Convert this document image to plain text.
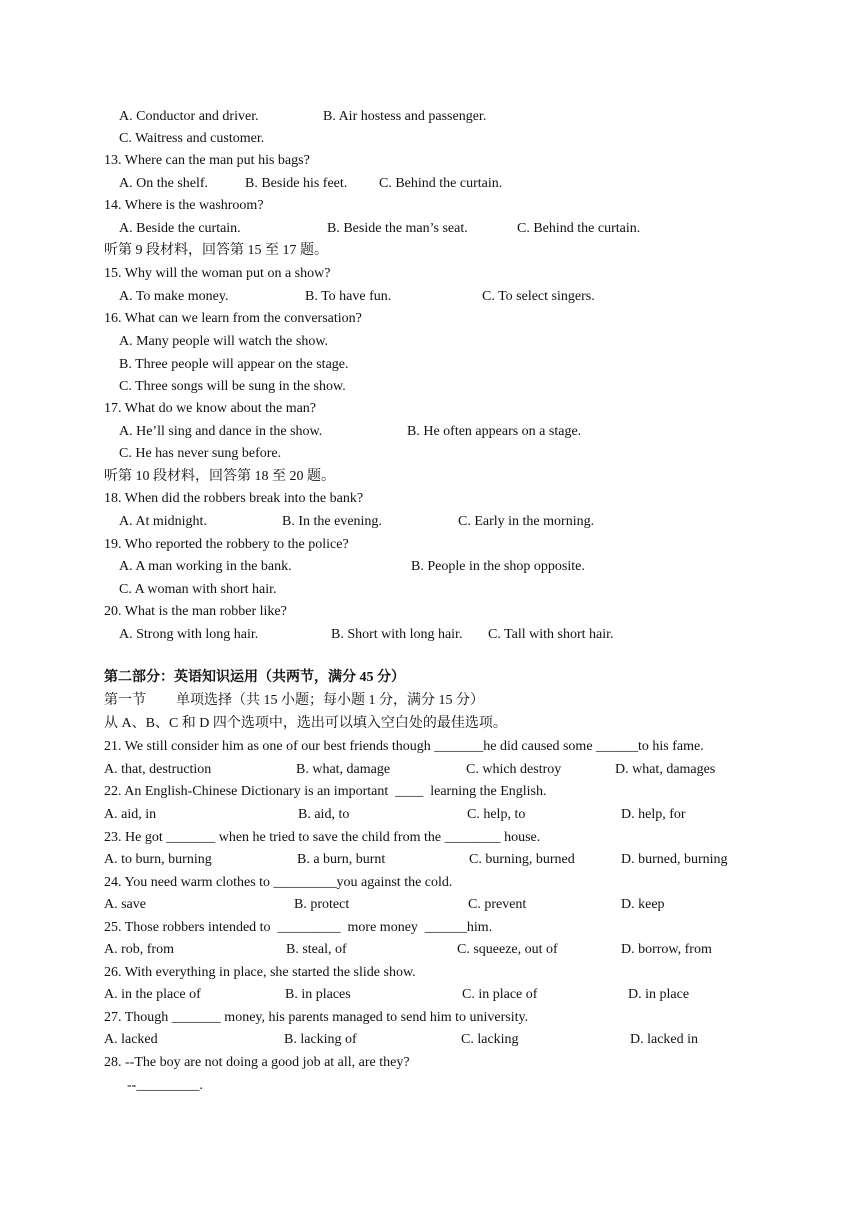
A. Conductor and driver.	B. Air hostess and passenger.
C. Waitress and customer.
13. Where can the man put his bags?
A. On the shelf.	B. Beside his feet. C. Behind the curtain.
14. Where is the washroom?
A. Beside the curtain.	B. Beside the man’s seat.	C. Behind the curtain.
听第 9 段材料，回答第 15 至 17 题。
15. Why will the woman put on a show?
A. To make money.	B. To have fun.	C. To select singers.
16. What can we learn from the conversation?
A. Many people will watch the show.
B. Three people will appear on the stage.
C. Three songs will be sung in the show.
17. What do we know about the man?
A. He’ll sing and dance in the show.	B. He often appears on a stage.
C. He has never sung before.
听第 10 段材料，回答第 18 至 20 题。
18. When did the robbers break into the bank?
A. At midnight.	B. In the evening.	C. Early in the morning.
19. Who reported the robbery to the police?
A. A man working in the bank.	B. People in the shop opposite.
C. A woman with short hair.
20. What is the man robber like?
A. Strong with long hair.	B. Short with long hair. C. Tall with short hair.
第二部分：英语知识运用（共两节，满分 45 分）
第一节 单项选择（共 15 小题；每小题 1 分，满分 15 分）
从 A、B、C 和 D 四个选项中，选出可以填入空白处的最佳选项。
21. We still consider him as one of our best friends though _______he did caused some ______to his fame.
A. that, destruction	B. what, damage	C. which destroy	D. what, damages
22. An English-Chinese Dictionary is an important  ____  learning the English.
A. aid, in	B. aid, to	C. help, to	D. help, for
23. He got _______ when he tried to save the child from the ________ house.
A. to burn, burning	B. a burn, burnt	C. burning, burned	D. burned, burning
24. You need warm clothes to _________you against the cold.
A. save	B. protect	C. prevent	D. keep
25. Those robbers intended to  _________  more money  ______him.
A. rob, from	B. steal, of	C. squeeze, out of	D. borrow, from
26. With everything in place, she started the slide show.
A. in the place of	B. in places	C. in place of	D. in place
27. Though _______ money, his parents managed to send him to university.
A. lacked	B. lacking of	C. lacking	D. lacked in
28. --The boy are not doing a good job at all, are they?
--_________.
